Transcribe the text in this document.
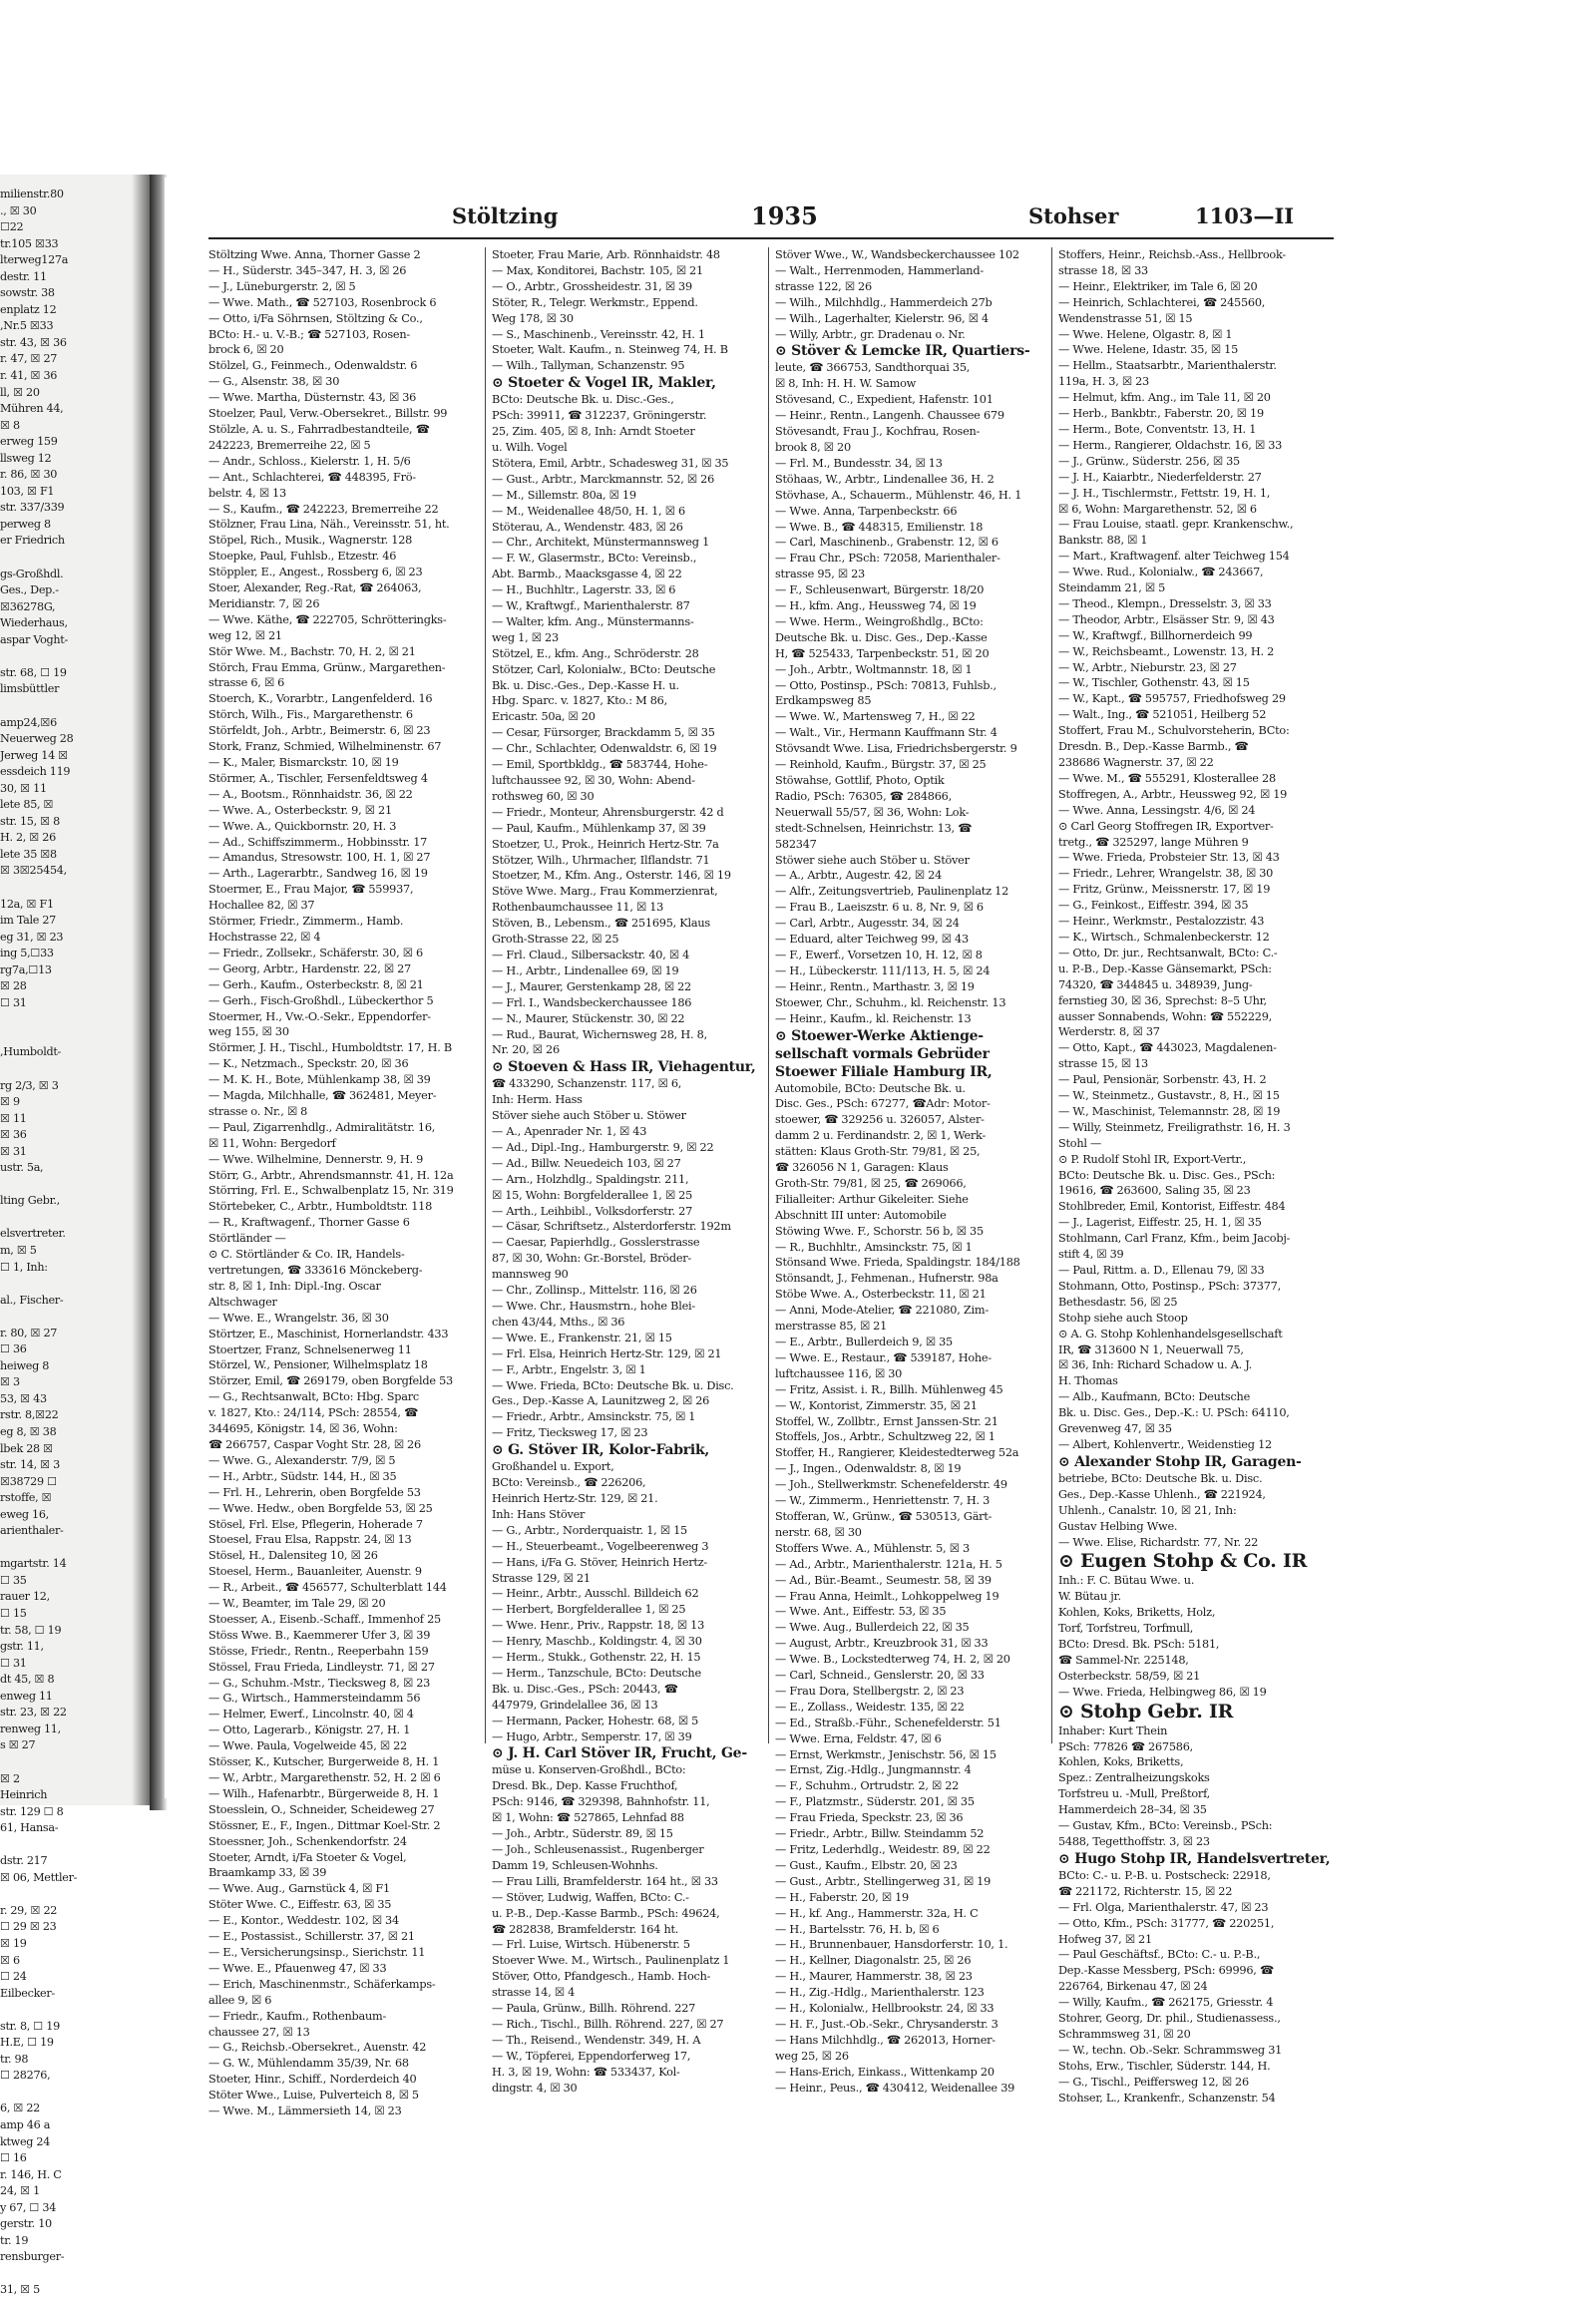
milienstr.80
., ☒ 30
☐22
tr.105 ☒33
lterweg127a
destr. 11
sowstr. 38
enplatz 12
,Nr.5 ☒33
str. 43, ☒ 36
r. 47, ☒ 27
r. 41, ☒ 36
ll, ☒ 20
Mühren 44,
☒ 8
erweg 159
llsweg 12
r. 86, ☒ 30
103, ☒ F1
str. 337/339
perweg 8
er Friedrich

gs-Großhdl.
Ges., Dep.-
☒36278G,
Wiederhaus,
aspar Voght-

str. 68, ☐ 19
limsbüttler

amp24,☒6
Neuerweg 28
Jerweg 14 ☒
essdeich 119
30, ☒ 11
lete 85, ☒
str. 15, ☒ 8
H. 2, ☒ 26
lete 35 ☒8
☒ 3☒25454,

12a, ☒ F1
im Tale 27
eg 31, ☒ 23
ing 5,☐33
rg7a,☐13
☒ 28
☐ 31

,Humboldt-

rg 2/3, ☒ 3
☒ 9
☒ 11
☒ 36
☒ 31
ustr. 5a,

lting Gebr.,

elsvertreter.
m, ☒ 5
☐ 1, Inh:

al., Fischer-

r. 80, ☒ 27
☐ 36
heiweg 8
☒ 3
53, ☒ 43
rstr. 8,☒22
eg 8, ☒ 38
lbek 28 ☒
str. 14, ☒ 3
☒38729 ☐
rstoffe, ☒
eweg 16,
arienthaler-

mgartstr. 14
☐ 35
rauer 12,
☐ 15
tr. 58, ☐ 19
gstr. 11,
☐ 31
dt 45, ☒ 8
enweg 11
str. 23, ☒ 22
renweg 11,
s ☒ 27

☒ 2
Heinrich
str. 129 ☐ 8
61, Hansa-

dstr. 217
☒ 06, Mettler-

r. 29, ☒ 22
☐ 29 ☒ 23
☒ 19
☒ 6
☐ 24
Eilbecker-

str. 8, ☐ 19
H.E, ☐ 19
tr. 98
☐ 28276,

6, ☒ 22
amp 46 a
ktweg 24
☐ 16
r. 146, H. C
24, ☒ 1
y 67, ☐ 34
gerstr. 10
tr. 19
rensburger-

31, ☒ 5
Stöltzing	1935	Stohser	1103—II
Stöltzing Wwe. Anna, Thorner Gasse 2
— H., Süderstr. 345–347, H. 3, ☒ 26
— J., Lüneburgerstr. 2, ☒ 5
— Wwe. Math., ☎ 527103, Rosenbrock 6
— Otto, i/Fa Söhrnsen, Stöltzing & Co.,
BCto: H.- u. V.-B.; ☎ 527103, Rosen-
brock 6, ☒ 20
Stölzel, G., Feinmech., Odenwaldstr. 6
— G., Alsenstr. 38, ☒ 30
— Wwe. Martha, Düsternstr. 43, ☒ 36
Stoelzer, Paul, Verw.-Obersekret., Billstr. 99
Stölzle, A. u. S., Fahrradbestandteile, ☎
242223, Bremerreihe 22, ☒ 5
— Andr., Schloss., Kielerstr. 1, H. 5/6
— Ant., Schlachterei, ☎ 448395, Frö-
belstr. 4, ☒ 13
— S., Kaufm., ☎ 242223, Bremerreihe 22
Stölzner, Frau Lina, Näh., Vereinsstr. 51, ht.
Stöpel, Rich., Musik., Wagnerstr. 128
Stoepke, Paul, Fuhlsb., Etzestr. 46
Stöppler, E., Angest., Rossberg 6, ☒ 23
Stoer, Alexander, Reg.-Rat, ☎ 264063,
Meridianstr. 7, ☒ 26
— Wwe. Käthe, ☎ 222705, Schrötteringks-
weg 12, ☒ 21
Stör Wwe. M., Bachstr. 70, H. 2, ☒ 21
Störch, Frau Emma, Grünw., Margarethen-
strasse 6, ☒ 6
Stoerch, K., Vorarbtr., Langenfelderd. 16
Störch, Wilh., Fis., Margarethenstr. 6
Störfeldt, Joh., Arbtr., Beimerstr. 6, ☒ 23
Stork, Franz, Schmied, Wilhelminenstr. 67
— K., Maler, Bismarckstr. 10, ☒ 19
Störmer, A., Tischler, Fersenfeldtsweg 4
— A., Bootsm., Rönnhaidstr. 36, ☒ 22
— Wwe. A., Osterbeckstr. 9, ☒ 21
— Wwe. A., Quickbornstr. 20, H. 3
— Ad., Schiffszimmerm., Hobbinsstr. 17
— Amandus, Stresowstr. 100, H. 1, ☒ 27
— Arth., Lagerarbtr., Sandweg 16, ☒ 19
Stoermer, E., Frau Major, ☎ 559937,
Hochallee 82, ☒ 37
Störmer, Friedr., Zimmerm., Hamb.
Hochstrasse 22, ☒ 4
— Friedr., Zollsekr., Schäferstr. 30, ☒ 6
— Georg, Arbtr., Hardenstr. 22, ☒ 27
— Gerh., Kaufm., Osterbeckstr. 8, ☒ 21
— Gerh., Fisch-Großhdl., Lübeckerthor 5
Stoermer, H., Vw.-O.-Sekr., Eppendorfer-
weg 155, ☒ 30
Störmer, J. H., Tischl., Humboldtstr. 17, H. B
— K., Netzmach., Speckstr. 20, ☒ 36
— M. K. H., Bote, Mühlenkamp 38, ☒ 39
— Magda, Milchhalle, ☎ 362481, Meyer-
strasse o. Nr., ☒ 8
— Paul, Zigarrenhdlg., Admiralitätstr. 16,
☒ 11, Wohn: Bergedorf
— Wwe. Wilhelmine, Dennerstr. 9, H. 9
Störr, G., Arbtr., Ahrendsmannstr. 41, H. 12a
Störring, Frl. E., Schwalbenplatz 15, Nr. 319
Störtebeker, C., Arbtr., Humboldtstr. 118
— R., Kraftwagenf., Thorner Gasse 6
Störtländer —
⊙ C. Störtländer & Co. IR, Handels-
vertretungen, ☎ 333616 Mönckeberg-
str. 8, ☒ 1, Inh: Dipl.-Ing. Oscar
Altschwager
— Wwe. E., Wrangelstr. 36, ☒ 30
Störtzer, E., Maschinist, Hornerlandstr. 433
Stoertzer, Franz, Schnelsenerweg 11
Störzel, W., Pensioner, Wilhelmsplatz 18
Störzer, Emil, ☎ 269179, oben Borgfelde 53
— G., Rechtsanwalt, BCto: Hbg. Sparc
v. 1827, Kto.: 24/114, PSch: 28554, ☎
344695, Königstr. 14, ☒ 36, Wohn:
☎ 266757, Caspar Voght Str. 28, ☒ 26
— Wwe. G., Alexanderstr. 7/9, ☒ 5
— H., Arbtr., Südstr. 144, H., ☒ 35
— Frl. H., Lehrerin, oben Borgfelde 53
— Wwe. Hedw., oben Borgfelde 53, ☒ 25
Stösel, Frl. Else, Pflegerin, Hoherade 7
Stoesel, Frau Elsa, Rappstr. 24, ☒ 13
Stösel, H., Dalensiteg 10, ☒ 26
Stoesel, Herm., Bauanleiter, Auenstr. 9
— R., Arbeit., ☎ 456577, Schulterblatt 144
— W., Beamter, im Tale 29, ☒ 20
Stoesser, A., Eisenb.-Schaff., Immenhof 25
Stöss Wwe. B., Kaemmerer Ufer 3, ☒ 39
Stösse, Friedr., Rentn., Reeperbahn 159
Stössel, Frau Frieda, Lindleystr. 71, ☒ 27
— G., Schuhm.-Mstr., Tiecksweg 8, ☒ 23
— G., Wirtsch., Hammersteindamm 56
— Helmer, Ewerf., Lincolnstr. 40, ☒ 4
— Otto, Lagerarb., Königstr. 27, H. 1
— Wwe. Paula, Vogelweide 45, ☒ 22
Stösser, K., Kutscher, Burgerweide 8, H. 1
— W., Arbtr., Margarethenstr. 52, H. 2 ☒ 6
— Wilh., Hafenarbtr., Bürgerweide 8, H. 1
Stoesslein, O., Schneider, Scheideweg 27
Stössner, E., F., Ingen., Dittmar Koel-Str. 2
Stoessner, Joh., Schenkendorfstr. 24
Stoeter, Arndt, i/Fa Stoeter & Vogel,
Braamkamp 33, ☒ 39
— Wwe. Aug., Garnstück 4, ☒ F1
Stöter Wwe. C., Eiffestr. 63, ☒ 35
— E., Kontor., Weddestr. 102, ☒ 34
— E., Postassist., Schillerstr. 37, ☒ 21
— E., Versicherungsinsp., Sierichstr. 11
— Wwe. E., Pfauenweg 47, ☒ 33
— Erich, Maschinenmstr., Schäferkamps-
allee 9, ☒ 6
— Friedr., Kaufm., Rothenbaum-
chaussee 27, ☒ 13
— G., Reichsb.-Obersekret., Auenstr. 42
— G. W., Mühlendamm 35/39, Nr. 68
Stoeter, Hinr., Schiff., Norderdeich 40
Stöter Wwe., Luise, Pulverteich 8, ☒ 5
— Wwe. M., Lämmersieth 14, ☒ 23
Stoeter, Frau Marie, Arb. Rönnhaidstr. 48
— Max, Konditorei, Bachstr. 105, ☒ 21
— O., Arbtr., Grossheidestr. 31, ☒ 39
Stöter, R., Telegr. Werkmstr., Eppend.
Weg 178, ☒ 30
— S., Maschinenb., Vereinsstr. 42, H. 1
Stoeter, Walt. Kaufm., n. Steinweg 74, H. B
— Wilh., Tallyman, Schanzenstr. 95
⊙ Stoeter & Vogel IR, Makler,
BCto: Deutsche Bk. u. Disc.-Ges.,
PSch: 39911, ☎ 312237, Gröningerstr.
25, Zim. 405, ☒ 8, Inh: Arndt Stoeter
u. Wilh. Vogel
Stötera, Emil, Arbtr., Schadesweg 31, ☒ 35
— Gust., Arbtr., Marckmannstr. 52, ☒ 26
— M., Sillemstr. 80a, ☒ 19
— M., Weidenallee 48/50, H. 1, ☒ 6
Stöterau, A., Wendenstr. 483, ☒ 26
— Chr., Architekt, Münstermannsweg 1
— F. W., Glasermstr., BCto: Vereinsb.,
Abt. Barmb., Maacksgasse 4, ☒ 22
— H., Buchhltr., Lagerstr. 33, ☒ 6
— W., Kraftwgf., Marienthalerstr. 87
— Walter, kfm. Ang., Münstermanns-
weg 1, ☒ 23
Stötzel, E., kfm. Ang., Schröderstr. 28
Stötzer, Carl, Kolonialw., BCto: Deutsche
Bk. u. Disc.-Ges., Dep.-Kasse H. u.
Hbg. Sparc. v. 1827, Kto.: M 86,
Ericastr. 50a, ☒ 20
— Cesar, Fürsorger, Brackdamm 5, ☒ 35
— Chr., Schlachter, Odenwaldstr. 6, ☒ 19
— Emil, Sportbkldg., ☎ 583744, Hohe-
luftchaussee 92, ☒ 30, Wohn: Abend-
rothsweg 60, ☒ 30
— Friedr., Monteur, Ahrensburgerstr. 42 d
— Paul, Kaufm., Mühlenkamp 37, ☒ 39
Stoetzer, U., Prok., Heinrich Hertz-Str. 7a
Stötzer, Wilh., Uhrmacher, Ilflandstr. 71
Stoetzer, M., Kfm. Ang., Osterstr. 146, ☒ 19
Stöve Wwe. Marg., Frau Kommerzienrat,
Rothenbaumchaussee 11, ☒ 13
Stöven, B., Lebensm., ☎ 251695, Klaus
Groth-Strasse 22, ☒ 25
— Frl. Claud., Silbersackstr. 40, ☒ 4
— H., Arbtr., Lindenallee 69, ☒ 19
— J., Maurer, Gerstenkamp 28, ☒ 22
— Frl. I., Wandsbeckerchaussee 186
— N., Maurer, Stückenstr. 30, ☒ 22
— Rud., Baurat, Wichernsweg 28, H. 8,
Nr. 20, ☒ 26
⊙ Stoeven & Hass IR, Viehagentur,
☎ 433290, Schanzenstr. 117, ☒ 6,
Inh: Herm. Hass
Stöver siehe auch Stöber u. Stöwer
— A., Apenrader Nr. 1, ☒ 43
— Ad., Dipl.-Ing., Hamburgerstr. 9, ☒ 22
— Ad., Billw. Neuedeich 103, ☒ 27
— Arn., Holzhdlg., Spaldingstr. 211,
☒ 15, Wohn: Borgfelderallee 1, ☒ 25
— Arth., Leihbibl., Volksdorferstr. 27
— Cäsar, Schriftsetz., Alsterdorferstr. 192m
— Caesar, Papierhdlg., Gosslerstrasse
87, ☒ 30, Wohn: Gr.-Borstel, Bröder-
mannsweg 90
— Chr., Zollinsp., Mittelstr. 116, ☒ 26
— Wwe. Chr., Hausmstrn., hohe Blei-
chen 43/44, Mths., ☒ 36
— Wwe. E., Frankenstr. 21, ☒ 15
— Frl. Elsa, Heinrich Hertz-Str. 129, ☒ 21
— F., Arbtr., Engelstr. 3, ☒ 1
— Wwe. Frieda, BCto: Deutsche Bk. u. Disc.
Ges., Dep.-Kasse A, Launitzweg 2, ☒ 26
— Friedr., Arbtr., Amsinckstr. 75, ☒ 1
— Fritz, Tiecksweg 17, ☒ 23
⊙ G. Stöver IR, Kolor-Fabrik,
Großhandel u. Export,
BCto: Vereinsb., ☎ 226206,
Heinrich Hertz-Str. 129, ☒ 21.
Inh: Hans Stöver
— G., Arbtr., Norderquaistr. 1, ☒ 15
— H., Steuerbeamt., Vogelbeerenweg 3
— Hans, i/Fa G. Stöver, Heinrich Hertz-
Strasse 129, ☒ 21
— Heinr., Arbtr., Ausschl. Billdeich 62
— Herbert, Borgfelderallee 1, ☒ 25
— Wwe. Henr., Priv., Rappstr. 18, ☒ 13
— Henry, Maschb., Koldingstr. 4, ☒ 30
— Herm., Stukk., Gothenstr. 22, H. 15
— Herm., Tanzschule, BCto: Deutsche
Bk. u. Disc.-Ges., PSch: 20443, ☎
447979, Grindelallee 36, ☒ 13
— Hermann, Packer, Hohestr. 68, ☒ 5
— Hugo, Arbtr., Semperstr. 17, ☒ 39
⊙ J. H. Carl Stöver IR, Frucht, Ge-
müse u. Konserven-Großhdl., BCto:
Dresd. Bk., Dep. Kasse Fruchthof,
PSch: 9146, ☎ 329398, Bahnhofstr. 11,
☒ 1, Wohn: ☎ 527865, Lehnfad 88
— Joh., Arbtr., Süderstr. 89, ☒ 15
— Joh., Schleusenassist., Rugenberger
Damm 19, Schleusen-Wohnhs.
— Frau Lilli, Bramfelderstr. 164 ht., ☒ 33
— Stöver, Ludwig, Waffen, BCto: C.-
u. P.-B., Dep.-Kasse Barmb., PSch: 49624,
☎ 282838, Bramfelderstr. 164 ht.
— Frl. Luise, Wirtsch. Hübenerstr. 5
Stoever Wwe. M., Wirtsch., Paulinenplatz 1
Stöver, Otto, Pfandgesch., Hamb. Hoch-
strasse 14, ☒ 4
— Paula, Grünw., Billh. Röhrend. 227
— Rich., Tischl., Billh. Röhrend. 227, ☒ 27
— Th., Reisend., Wendenstr. 349, H. A
— W., Töpferei, Eppendorferweg 17,
H. 3, ☒ 19, Wohn: ☎ 533437, Kol-
dingstr. 4, ☒ 30
Stöver Wwe., W., Wandsbeckerchaussee 102
— Walt., Herrenmoden, Hammerland-
strasse 122, ☒ 26
— Wilh., Milchhdlg., Hammerdeich 27b
— Wilh., Lagerhalter, Kielerstr. 96, ☒ 4
— Willy, Arbtr., gr. Dradenau o. Nr.
⊙ Stöver & Lemcke IR, Quartiers-
leute, ☎ 366753, Sandthorquai 35,
☒ 8, Inh: H. H. W. Samow
Stövesand, C., Expedient, Hafenstr. 101
— Heinr., Rentn., Langenh. Chaussee 679
Stövesandt, Frau J., Kochfrau, Rosen-
brook 8, ☒ 20
— Frl. M., Bundesstr. 34, ☒ 13
Stöhaas, W., Arbtr., Lindenallee 36, H. 2
Stövhase, A., Schauerm., Mühlenstr. 46, H. 1
— Wwe. Anna, Tarpenbeckstr. 66
— Wwe. B., ☎ 448315, Emilienstr. 18
— Carl, Maschinenb., Grabenstr. 12, ☒ 6
— Frau Chr., PSch: 72058, Marienthaler-
strasse 95, ☒ 23
— F., Schleusenwart, Bürgerstr. 18/20
— H., kfm. Ang., Heussweg 74, ☒ 19
— Wwe. Herm., Weingroßhdlg., BCto:
Deutsche Bk. u. Disc. Ges., Dep.-Kasse
H, ☎ 525433, Tarpenbeckstr. 51, ☒ 20
— Joh., Arbtr., Woltmannstr. 18, ☒ 1
— Otto, Postinsp., PSch: 70813, Fuhlsb.,
Erdkampsweg 85
— Wwe. W., Martensweg 7, H., ☒ 22
— Walt., Vir., Hermann Kauffmann Str. 4
Stövsandt Wwe. Lisa, Friedrichsbergerstr. 9
— Reinhold, Kaufm., Bürgstr. 37, ☒ 25
Stöwahse, Gottlif, Photo, Optik
Radio, PSch: 76305, ☎ 284866,
Neuerwall 55/57, ☒ 36, Wohn: Lok-
stedt-Schnelsen, Heinrichstr. 13, ☎
582347
Stöwer siehe auch Stöber u. Stöver
— A., Arbtr., Augestr. 42, ☒ 24
— Alfr., Zeitungsvertrieb, Paulinenplatz 12
— Frau B., Laeiszstr. 6 u. 8, Nr. 9, ☒ 6
— Carl, Arbtr., Augesstr. 34, ☒ 24
— Eduard, alter Teichweg 99, ☒ 43
— F., Ewerf., Vorsetzen 10, H. 12, ☒ 8
— H., Lübeckerstr. 111/113, H. 5, ☒ 24
— Heinr., Rentn., Marthastr. 3, ☒ 19
Stoewer, Chr., Schuhm., kl. Reichenstr. 13
— Heinr., Kaufm., kl. Reichenstr. 13
⊙ Stoewer-Werke Aktienge-
sellschaft vormals Gebrüder
Stoewer Filiale Hamburg IR,
Automobile, BCto: Deutsche Bk. u.
Disc. Ges., PSch: 67277, ☎Adr: Motor-
stoewer, ☎ 329256 u. 326057, Alster-
damm 2 u. Ferdinandstr. 2, ☒ 1, Werk-
stätten: Klaus Groth-Str. 79/81, ☒ 25,
☎ 326056 N 1, Garagen: Klaus
Groth-Str. 79/81, ☒ 25, ☎ 269066,
Filialleiter: Arthur Gikeleiter. Siehe
Abschnitt III unter: Automobile
Stöwing Wwe. F., Schorstr. 56 b, ☒ 35
— R., Buchhltr., Amsinckstr. 75, ☒ 1
Stönsand Wwe. Frieda, Spaldingstr. 184/188
Stönsandt, J., Fehmenan., Hufnerstr. 98a
Stöbe Wwe. A., Osterbeckstr. 11, ☒ 21
— Anni, Mode-Atelier, ☎ 221080, Zim-
merstrasse 85, ☒ 21
— E., Arbtr., Bullerdeich 9, ☒ 35
— Wwe. E., Restaur., ☎ 539187, Hohe-
luftchaussee 116, ☒ 30
— Fritz, Assist. i. R., Billh. Mühlenweg 45
— W., Kontorist, Zimmerstr. 35, ☒ 21
Stoffel, W., Zollbtr., Ernst Janssen-Str. 21
Stoffels, Jos., Arbtr., Schultzweg 22, ☒ 1
Stoffer, H., Rangierer, Kleidestedterweg 52a
— J., Ingen., Odenwaldstr. 8, ☒ 19
— Joh., Stellwerkmstr. Schenefelderstr. 49
— W., Zimmerm., Henriettenstr. 7, H. 3
Stofferan, W., Grünw., ☎ 530513, Gärt-
nerstr. 68, ☒ 30
Stoffers Wwe. A., Mühlenstr. 5, ☒ 3
— Ad., Arbtr., Marienthalerstr. 121a, H. 5
— Ad., Bür.-Beamt., Seumestr. 58, ☒ 39
— Frau Anna, Heimlt., Lohkoppelweg 19
— Wwe. Ant., Eiffestr. 53, ☒ 35
— Wwe. Aug., Bullerdeich 22, ☒ 35
— August, Arbtr., Kreuzbrook 31, ☒ 33
— Wwe. B., Lockstedterweg 74, H. 2, ☒ 20
— Carl, Schneid., Genslerstr. 20, ☒ 33
— Frau Dora, Stellbergstr. 2, ☒ 23
— E., Zollass., Weidestr. 135, ☒ 22
— Ed., Straßb.-Führ., Schenefelderstr. 51
— Wwe. Erna, Feldstr. 47, ☒ 6
— Ernst, Werkmstr., Jenischstr. 56, ☒ 15
— Ernst, Zig.-Hdlg., Jungmannstr. 4
— F., Schuhm., Ortrudstr. 2, ☒ 22
— F., Platzmstr., Süderstr. 201, ☒ 35
— Frau Frieda, Speckstr. 23, ☒ 36
— Friedr., Arbtr., Billw. Steindamm 52
— Fritz, Lederhdlg., Weidestr. 89, ☒ 22
— Gust., Kaufm., Elbstr. 20, ☒ 23
— Gust., Arbtr., Stellingerweg 31, ☒ 19
— H., Faberstr. 20, ☒ 19
— H., kf. Ang., Hammerstr. 32a, H. C
— H., Bartelsstr. 76, H. b, ☒ 6
— H., Brunnenbauer, Hansdorferstr. 10, 1.
— H., Kellner, Diagonalstr. 25, ☒ 26
— H., Maurer, Hammerstr. 38, ☒ 23
— H., Zig.-Hdlg., Marienthalerstr. 123
— H., Kolonialw., Hellbrookstr. 24, ☒ 33
— H. F., Just.-Ob.-Sekr., Chrysanderstr. 3
— Hans Milchhdlg., ☎ 262013, Horner-
weg 25, ☒ 26
— Hans-Erich, Einkass., Wittenkamp 20
— Heinr., Peus., ☎ 430412, Weidenallee 39
Stoffers, Heinr., Reichsb.-Ass., Hellbrook-
strasse 18, ☒ 33
— Heinr., Elektriker, im Tale 6, ☒ 20
— Heinrich, Schlachterei, ☎ 245560,
Wendenstrasse 51, ☒ 15
— Wwe. Helene, Olgastr. 8, ☒ 1
— Wwe. Helene, Idastr. 35, ☒ 15
— Hellm., Staatsarbtr., Marienthalerstr.
119a, H. 3, ☒ 23
— Helmut, kfm. Ang., im Tale 11, ☒ 20
— Herb., Bankbtr., Faberstr. 20, ☒ 19
— Herm., Bote, Conventstr. 13, H. 1
— Herm., Rangierer, Oldachstr. 16, ☒ 33
— J., Grünw., Süderstr. 256, ☒ 35
— J. H., Kaiarbtr., Niederfelderstr. 27
— J. H., Tischlermstr., Fettstr. 19, H. 1,
☒ 6, Wohn: Margarethenstr. 52, ☒ 6
— Frau Louise, staatl. gepr. Krankenschw.,
Bankstr. 88, ☒ 1
— Mart., Kraftwagenf. alter Teichweg 154
— Wwe. Rud., Kolonialw., ☎ 243667,
Steindamm 21, ☒ 5
— Theod., Klempn., Dresselstr. 3, ☒ 33
— Theodor, Arbtr., Elsässer Str. 9, ☒ 43
— W., Kraftwgf., Billhornerdeich 99
— W., Reichsbeamt., Lowenstr. 13, H. 2
— W., Arbtr., Nieburstr. 23, ☒ 27
— W., Tischler, Gothenstr. 43, ☒ 15
— W., Kapt., ☎ 595757, Friedhofsweg 29
— Walt., Ing., ☎ 521051, Heilberg 52
Stoffert, Frau M., Schulvorsteherin, BCto:
Dresdn. B., Dep.-Kasse Barmb., ☎
238686 Wagnerstr. 37, ☒ 22
— Wwe. M., ☎ 555291, Klosterallee 28
Stoffregen, A., Arbtr., Heussweg 92, ☒ 19
— Wwe. Anna, Lessingstr. 4/6, ☒ 24
⊙ Carl Georg Stoffregen IR, Exportver-
tretg., ☎ 325297, lange Mühren 9
— Wwe. Frieda, Probsteier Str. 13, ☒ 43
— Friedr., Lehrer, Wrangelstr. 38, ☒ 30
— Fritz, Grünw., Meissnerstr. 17, ☒ 19
— G., Feinkost., Eiffestr. 394, ☒ 35
— Heinr., Werkmstr., Pestalozzistr. 43
— K., Wirtsch., Schmalenbeckerstr. 12
— Otto, Dr. jur., Rechtsanwalt, BCto: C.-
u. P.-B., Dep.-Kasse Gänsemarkt, PSch:
74320, ☎ 344845 u. 348939, Jung-
fernstieg 30, ☒ 36, Sprechst: 8–5 Uhr,
ausser Sonnabends, Wohn: ☎ 552229,
Werderstr. 8, ☒ 37
— Otto, Kapt., ☎ 443023, Magdalenen-
strasse 15, ☒ 13
— Paul, Pensionär, Sorbenstr. 43, H. 2
— W., Steinmetz., Gustavstr., 8, H., ☒ 15
— W., Maschinist, Telemannstr. 28, ☒ 19
— Willy, Steinmetz, Freiligrathstr. 16, H. 3
Stohl —
⊙ P. Rudolf Stohl IR, Export-Vertr.,
BCto: Deutsche Bk. u. Disc. Ges., PSch:
19616, ☎ 263600, Saling 35, ☒ 23
Stohlbreder, Emil, Kontorist, Eiffestr. 484
— J., Lagerist, Eiffestr. 25, H. 1, ☒ 35
Stohlmann, Carl Franz, Kfm., beim Jacobj-
stift 4, ☒ 39
— Paul, Rittm. a. D., Ellenau 79, ☒ 33
Stohmann, Otto, Postinsp., PSch: 37377,
Bethesdastr. 56, ☒ 25
Stohp siehe auch Stoop
⊙ A. G. Stohp Kohlenhandelsgesellschaft
IR, ☎ 313600 N 1, Neuerwall 75,
☒ 36, Inh: Richard Schadow u. A. J.
H. Thomas
— Alb., Kaufmann, BCto: Deutsche
Bk. u. Disc. Ges., Dep.-K.: U. PSch: 64110,
Grevenweg 47, ☒ 35
— Albert, Kohlenvertr., Weidenstieg 12
⊙ Alexander Stohp IR, Garagen-
betriebe, BCto: Deutsche Bk. u. Disc.
Ges., Dep.-Kasse Uhlenh., ☎ 221924,
Uhlenh., Canalstr. 10, ☒ 21, Inh:
Gustav Helbing Wwe.
— Wwe. Elise, Richardstr. 77, Nr. 22
⊙ Eugen Stohp & Co. IR
Inh.: F. C. Bütau Wwe. u.
W. Bütau jr.
Kohlen, Koks, Briketts, Holz,
Torf, Torfstreu, Torfmull,
BCto: Dresd. Bk. PSch: 5181,
☎ Sammel-Nr. 225148,
Osterbeckstr. 58/59, ☒ 21
— Wwe. Frieda, Helbingweg 86, ☒ 19
⊙ Stohp Gebr. IR
Inhaber: Kurt Thein
PSch: 77826 ☎ 267586,
Kohlen, Koks, Briketts,
Spez.: Zentralheizungskoks
Torfstreu u. -Mull, Preßtorf,
Hammerdeich 28–34, ☒ 35
— Gustav, Kfm., BCto: Vereinsb., PSch:
5488, Tegetthoffstr. 3, ☒ 23
⊙ Hugo Stohp IR, Handelsvertreter,
BCto: C.- u. P.-B. u. Postscheck: 22918,
☎ 221172, Richterstr. 15, ☒ 22
— Frl. Olga, Marienthalerstr. 47, ☒ 23
— Otto, Kfm., PSch: 31777, ☎ 220251,
Hofweg 37, ☒ 21
— Paul Geschäftsf., BCto: C.- u. P.-B.,
Dep.-Kasse Messberg, PSch: 69996, ☎
226764, Birkenau 47, ☒ 24
— Willy, Kaufm., ☎ 262175, Griesstr. 4
Stohrer, Georg, Dr. phil., Studienassess.,
Schrammsweg 31, ☒ 20
— W., techn. Ob.-Sekr. Schrammsweg 31
Stohs, Erw., Tischler, Süderstr. 144, H.
— G., Tischl., Peiffersweg 12, ☒ 26
Stohser, L., Krankenfr., Schanzenstr. 54
